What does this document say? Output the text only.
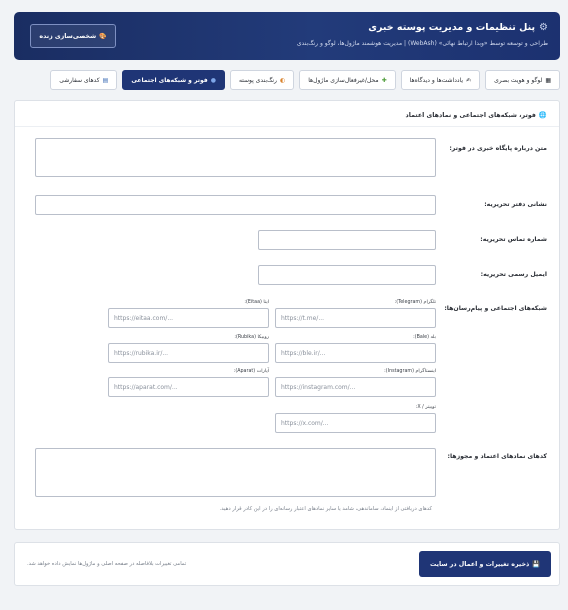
⚙
پنل تنظیمات و مدیریت پوسته خبری
طراحی و توسعه توسط «وبدا ارتباط نهائی» (WebAsh) | مدیریت هوشمند ماژول‌ها، لوگو و رنگ‌بندی
🎨
شخصی‌سازی زنده
▦
لوگو و هویت بصری
✍
یادداشت‌ها و دیدگاه‌ها
✚
محل/غیرفعال‌سازی ماژول‌ها
◐
رنگ‌بندی پوسته
●
فوتر و شبکه‌های اجتماعی
▤
کدهای سفارشی
🌐
فوتر، شبکه‌های اجتماعی و نمادهای اعتماد
متن درباره پایگاه خبری در فوتر:
نشانی دفتر تحریریه:
شماره تماس تحریریه:
ایمیل رسمی تحریریه:
شبکه‌های اجتماعی و پیام‌رسان‌ها:
تلگرام (Telegram):
https://t.me/...
ایتا (Eitaa):
https://eitaa.com/...
بله (Bale):
https://ble.ir/...
روبیکا (Rubika):
https://rubika.ir/...
اینستاگرام (Instagram):
https://instagram.com/...
آپارات (Aparat):
https://aparat.com/...
توییتر / X:
https://x.com/...
کدهای نمادهای اعتماد و مجوزها:
کدهای دریافتی از اینماد، ساماندهی، شامد یا سایر نمادهای اعتبار رسانه‌ای را در این کادر قرار دهید.
💾
ذخیره تغییرات و اعمال در سایت
تمامی تغییرات بلافاصله در صفحه اصلی و ماژول‌ها نمایش داده خواهد شد.
